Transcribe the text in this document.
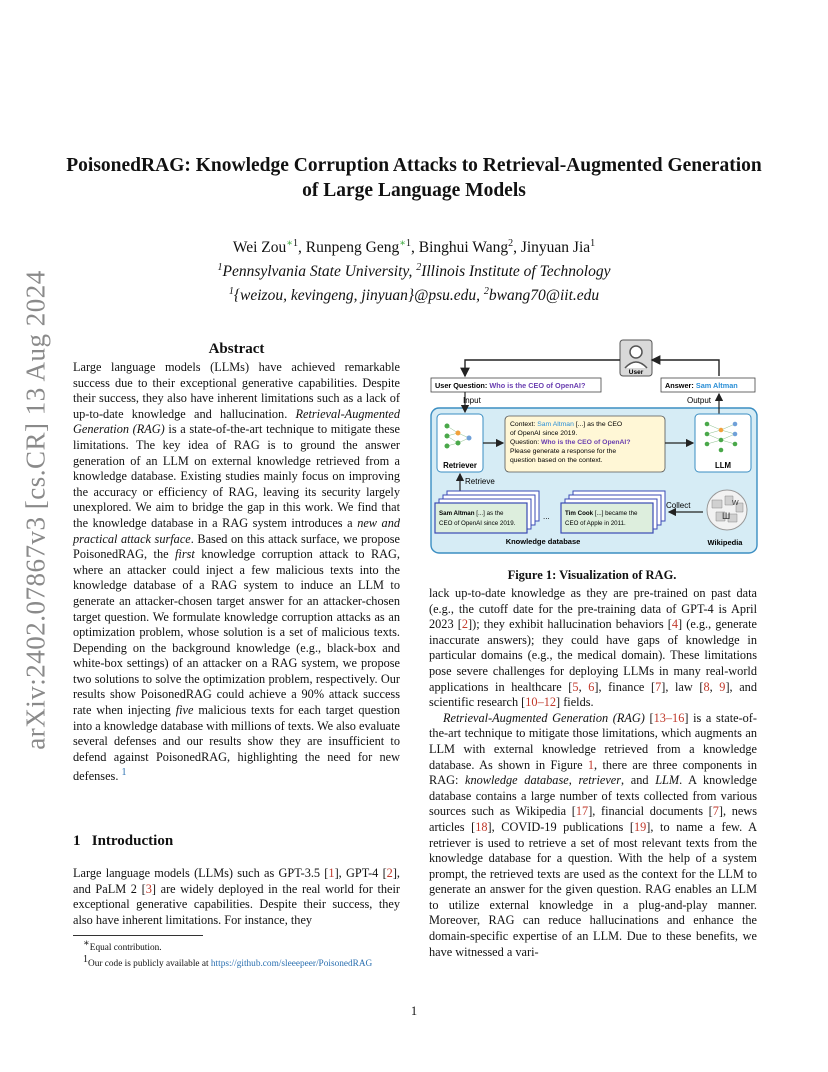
arXiv:2402.07867v3 [cs.CR] 13 Aug 2024
PoisonedRAG: Knowledge Corruption Attacks to Retrieval-Augmented Generation
of Large Language Models
Wei Zou$^{∗1}$, Runpeng Geng$^{∗1}$, Binghui Wang$^2$, Jinyuan Jia$^1$
$^1$Pennsylvania State University, $^2$Illinois Institute of Technology
$^1${weizou, kevingeng, jinyuan}@psu.edu, $^2$bwang70@iit.edu
Abstract
Large language models (LLMs) have achieved remarkable success due to their exceptional generative capabilities. Despite their success, they also have inherent limitations such as a lack of up-to-date knowledge and hallucination. Retrieval-Augmented Generation (RAG) is a state-of-the-art technique to mitigate these limitations. The key idea of RAG is to ground the answer generation of an LLM on external knowledge retrieved from a knowledge database. Existing studies mainly focus on improving the accuracy or efficiency of RAG, leaving its security largely unexplored. We aim to bridge the gap in this work. We find that the knowledge database in a RAG system introduces a new and practical attack surface. Based on this attack surface, we propose PoisonedRAG, the first knowledge corruption attack to RAG, where an attacker could inject a few malicious texts into the knowledge database of a RAG system to induce an LLM to generate an attacker-chosen target answer for an attacker-chosen target question. We formulate knowledge corruption attacks as an optimization problem, whose solution is a set of malicious texts. Depending on the background knowledge (e.g., black-box and white-box settings) of an attacker on a RAG system, we propose two solutions to solve the optimization problem, respectively. Our results show PoisonedRAG could achieve a 90% attack success rate when injecting five malicious texts for each target question into a knowledge database with millions of texts. We also evaluate several defenses and our results show they are insufficient to defend against PoisonedRAG, highlighting the need for new defenses. $^1$
1 Introduction
Large language models (LLMs) such as GPT-3.5 [1], GPT-4 [2], and PaLM 2 [3] are widely deployed in the real world for their exceptional generative capabilities. Despite their success, they also have inherent limitations. For instance, they
∗Equal contribution.
$^1$Our code is publicly available at https://github.com/sleeepeer/PoisonedRAG
User
User Question: Who is the CEO of OpenAI?	Answer: Sam Altman
Input	Output
Retriever	LLM
Context: Sam Altman [...] as the CEO of OpenAI since 2019. Question: Who is the CEO of OpenAI? Please generate a response for the question based on the context.
Retrieve
Sam Altman [...] as the CEO of OpenAI since 2019.
... Tim Cook [...] became the CEO of Apple in 2011.
Knowledge database
Collect
Ш
W
Wikipedia
Figure 1: Visualization of RAG.
lack up-to-date knowledge as they are pre-trained on past data (e.g., the cutoff date for the pre-training data of GPT-4 is April 2023 [2]); they exhibit hallucination behaviors [4] (e.g., generate inaccurate answers); they could have gaps of knowledge in particular domains (e.g., the medical domain). These limitations pose severe challenges for deploying LLMs in many real-world applications in healthcare [5, 6], finance [7], law [8, 9], and scientific research [10–12] fields.
Retrieval-Augmented Generation (RAG) [13–16] is a state-of-the-art technique to mitigate those limitations, which augments an LLM with external knowledge retrieved from a knowledge database. As shown in Figure 1, there are three components in RAG: knowledge database, retriever, and LLM. A knowledge database contains a large number of texts collected from various sources such as Wikipedia [17], financial documents [7], news articles [18], COVID-19 publications [19], to name a few. A retriever is used to retrieve a set of most relevant texts from the knowledge database for a question. With the help of a system prompt, the retrieved texts are used as the context for the LLM to generate an answer for the given question. RAG enables an LLM to utilize external knowledge in a plug-and-play manner. Moreover, RAG can reduce hallucinations and enhance the domain-specific expertise of an LLM. Due to these benefits, we have witnessed a vari-
1
